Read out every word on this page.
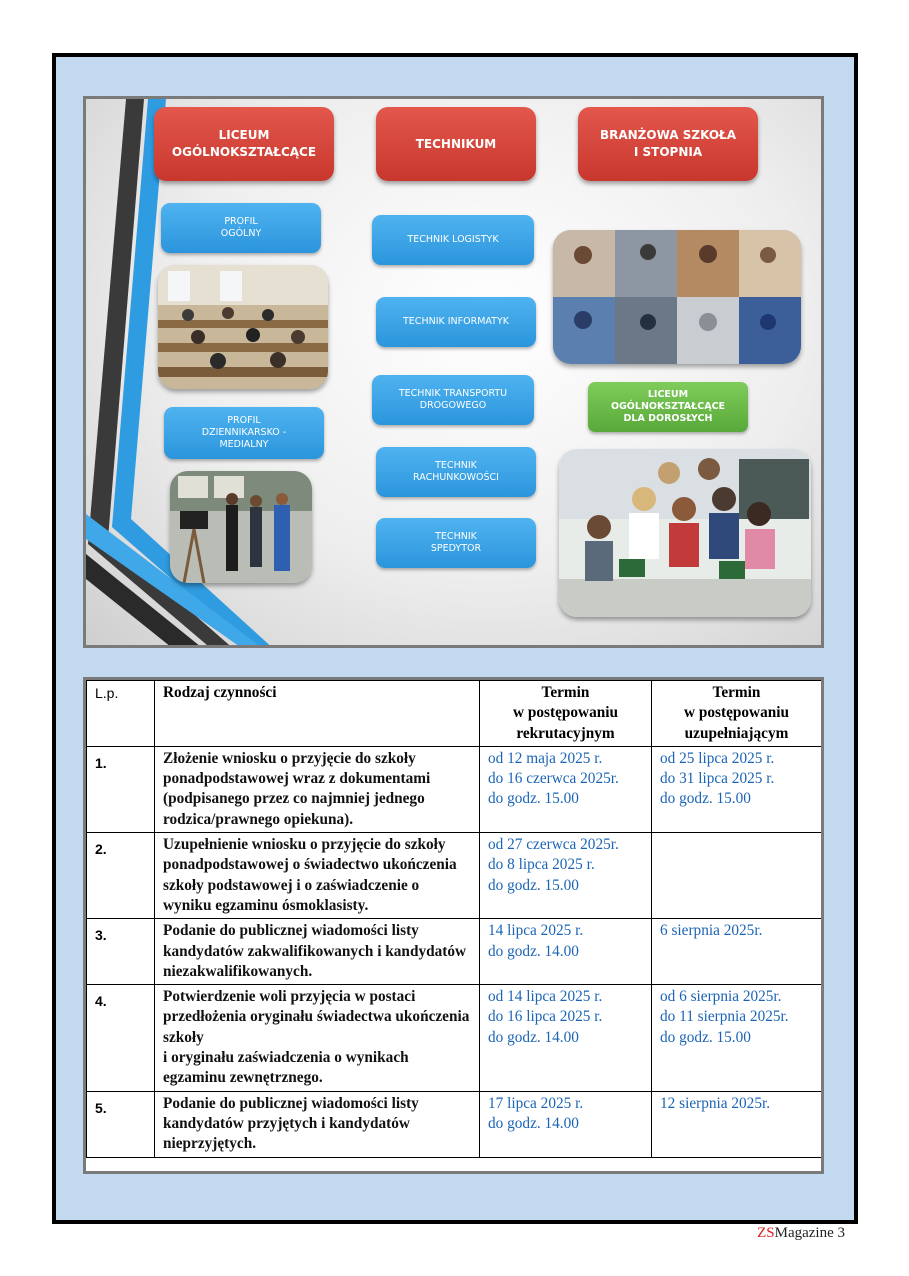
LICEUM
OGÓLNOKSZTAŁCĄCE
TECHNIKUM
BRANŻOWA SZKOŁA
I STOPNIA
PROFIL
OGÓLNY
PROFIL
DZIENNIKARSKO -
MEDIALNY
TECHNIK LOGISTYK
TECHNIK INFORMATYK
TECHNIK TRANSPORTU
DROGOWEGO
TECHNIK
RACHUNKOWOŚCI
TECHNIK
SPEDYTOR
LICEUM
OGÓLNOKSZTAŁCĄCE
DLA DOROSŁYCH
L.p.	Rodzaj czynności	Termin
w postępowaniu
rekrutacyjnym	Termin
w postępowaniu
uzupełniającym
1.	Złożenie wniosku o przyjęcie do szkoły ponadpodstawowej wraz z dokumentami (podpisanego przez co najmniej jednego rodzica/prawnego opiekuna).	od 12 maja 2025 r.
do 16 czerwca 2025r.
do godz. 15.00	od 25 lipca 2025 r.
do 31 lipca 2025 r.
do godz. 15.00
2.	Uzupełnienie wniosku o przyjęcie do szkoły ponadpodstawowej o świadectwo ukończenia szkoły podstawowej i o zaświadczenie o wyniku egzaminu ósmoklasisty.	od 27 czerwca 2025r.
do 8 lipca 2025 r.
do godz. 15.00	
3.	Podanie do publicznej wiadomości listy kandydatów zakwalifikowanych i kandydatów niezakwalifikowanych.	14 lipca 2025 r.
do godz. 14.00	6 sierpnia 2025r.
4.	Potwierdzenie woli przyjęcia w postaci przedłożenia oryginału świadectwa ukończenia szkoły
i oryginału zaświadczenia o wynikach egzaminu zewnętrznego.	od 14 lipca 2025 r.
do 16 lipca 2025 r.
do godz. 14.00	od 6 sierpnia 2025r.
do 11 sierpnia 2025r.
do godz. 15.00
5.	Podanie do publicznej wiadomości listy kandydatów przyjętych i kandydatów nieprzyjętych.	17 lipca 2025 r.
do godz. 14.00	12 sierpnia 2025r.
ZSMagazine 3
